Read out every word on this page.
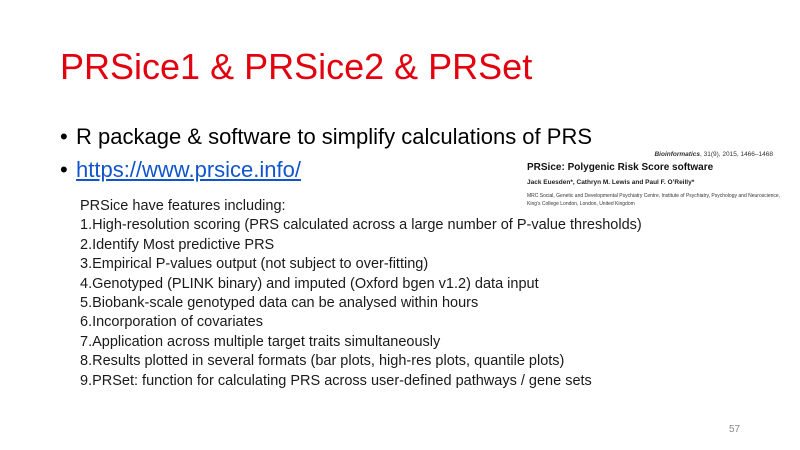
PRSice1 & PRSice2 & PRSet
• R package & software to simplify calculations of PRS
• https://www.prsice.info/
Bioinformatics, 31(9), 2015, 1466–1468
PRSice: Polygenic Risk Score software
Jack Euesden*, Cathryn M. Lewis and Paul F. O’Reilly*
MRC Social, Genetic and Developmental Psychiatry Centre, Institute of Psychiatry, Psychology and Neuroscience, King’s College London, London, United Kingdom

PRSice have features including:

1.High-resolution scoring (PRS calculated across a large number of P-value thresholds)
2.Identify Most predictive PRS
3.Empirical P-values output (not subject to over-fitting)
4.Genotyped (PLINK binary) and imputed (Oxford bgen v1.2) data input
5.Biobank-scale genotyped data can be analysed within hours
6.Incorporation of covariates
7.Application across multiple target traits simultaneously
8.Results plotted in several formats (bar plots, high-res plots, quantile plots)
9.PRSet: function for calculating PRS across user-defined pathways / gene sets
57
